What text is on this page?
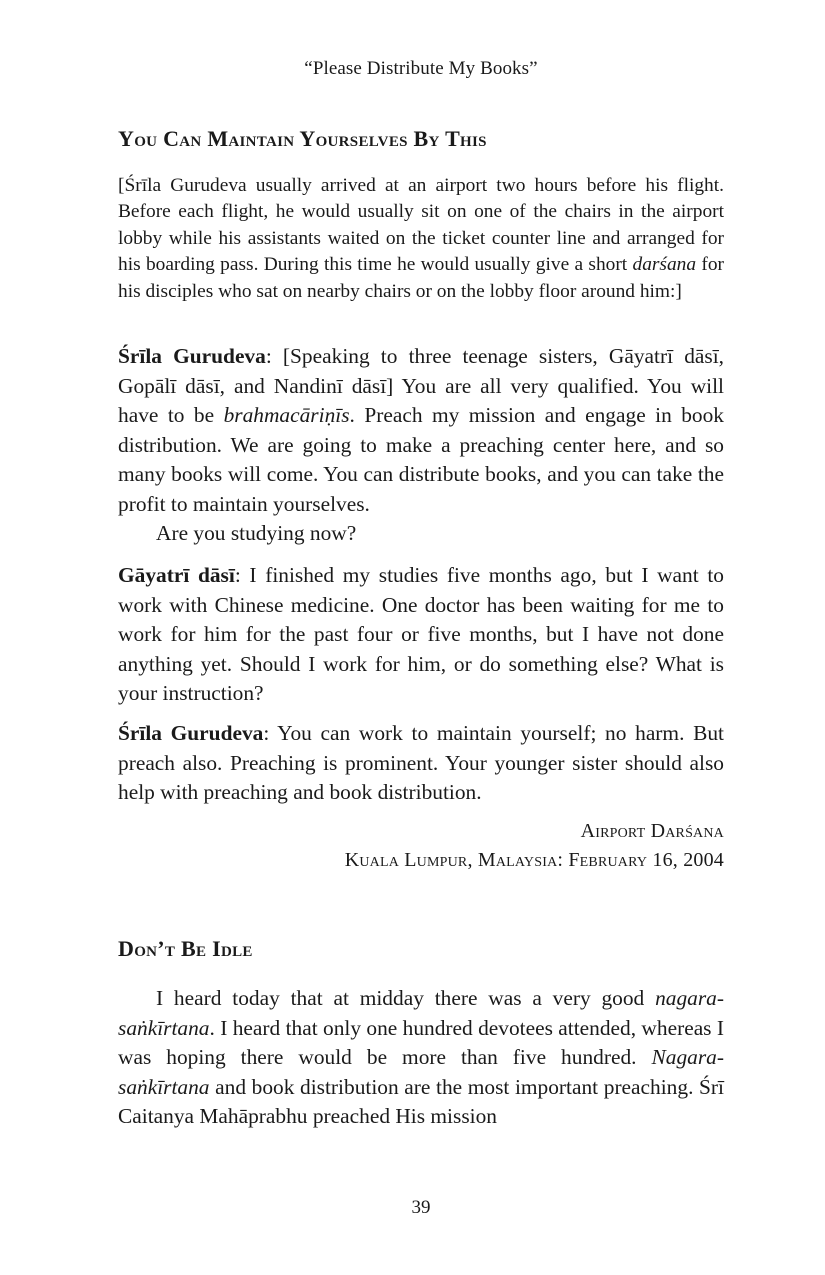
“Please Distribute My Books”
You Can Maintain Yourselves By This

[Śrīla Gurudeva usually arrived at an airport two hours before his flight. Before each flight, he would usually sit on one of the chairs in the airport lobby while his assistants waited on the ticket counter line and arranged for his boarding pass. During this time he would usually give a short darśana for his disciples who sat on nearby chairs or on the lobby floor around him:]

Śrīla Gurudeva: [Speaking to three teenage sisters, Gāyatrī dāsī, Gopālī dāsī, and Nandinī dāsī] You are all very qualified. You will have to be brahmacāriṇīs. Preach my mission and engage in book distribution. We are going to make a preaching center here, and so many books will come. You can distribute books, and you can take the profit to maintain yourselves.

Are you studying now?

Gāyatrī dāsī: I finished my studies five months ago, but I want to work with Chinese medicine. One doctor has been waiting for me to work for him for the past four or five months, but I have not done anything yet. Should I work for him, or do something else? What is your instruction?

Śrīla Gurudeva: You can work to maintain yourself; no harm. But preach also. Preaching is prominent. Your younger sister should also help with preaching and book distribution.

Airport Darśana
Kuala Lumpur, Malaysia: February 16, 2004
Don’t Be Idle

I heard today that at midday there was a very good nagara-saṅkīrtana. I heard that only one hundred devotees attended, whereas I was hoping there would be more than five hundred. Nagara-saṅkīrtana and book distribution are the most important preaching. Śrī Caitanya Mahāprabhu preached His mission

39
